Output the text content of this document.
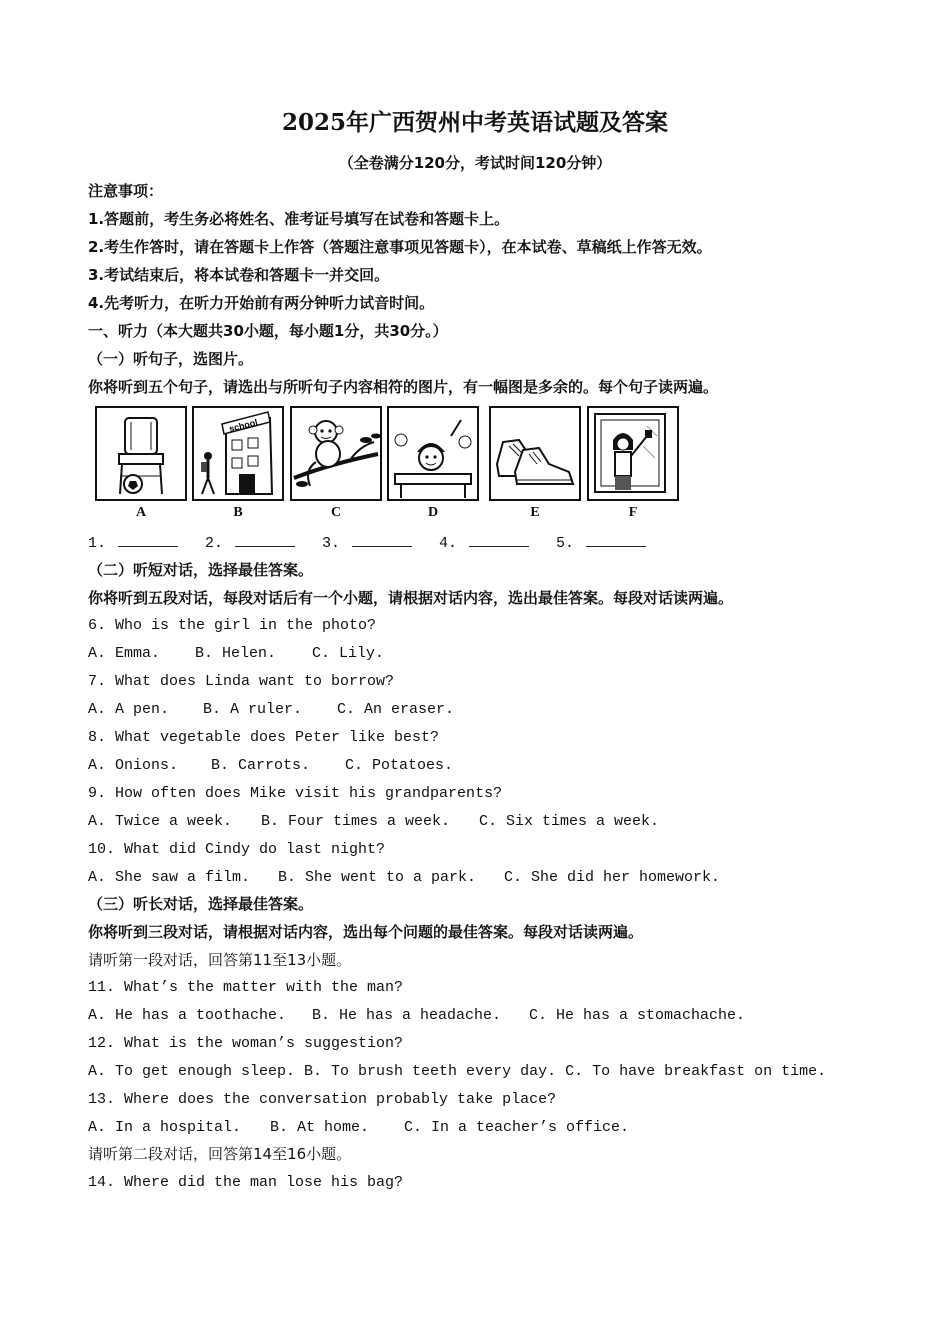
2025年广西贺州中考英语试题及答案
（全卷满分120分，考试时间120分钟）
注意事项：
1.答题前，考生务必将姓名、准考证号填写在试卷和答题卡上。
2.考生作答时，请在答题卡上作答（答题注意事项见答题卡），在本试卷、草稿纸上作答无效。
3.考试结束后，将本试卷和答题卡一并交回。
4.先考听力，在听力开始前有两分钟听力试音时间。
一、听力（本大题共30小题，每小题1分，共30分。）
（一）听句子，选图片。
你将听到五个句子，请选出与所听句子内容相符的图片，有一幅图是多余的。每个句子读两遍。
A
school
B	C	D	E	F
1.	2.	3.	4.	5.
（二）听短对话，选择最佳答案。
你将听到五段对话，每段对话后有一个小题，请根据对话内容，选出最佳答案。每段对话读两遍。
6. Who is the girl in the photo?
A. Emma. B. Helen. C. Lily.
7. What does Linda want to borrow?
A. A pen. B. A ruler. C. An eraser.
8. What vegetable does Peter like best?
A. Onions. B. Carrots. C. Potatoes.
9. How often does Mike visit his grandparents?
A. Twice a week. B. Four times a week. C. Six times a week.
10. What did Cindy do last night?
A. She saw a film. B. She went to a park. C. She did her homework.
（三）听长对话，选择最佳答案。
你将听到三段对话，请根据对话内容，选出每个问题的最佳答案。每段对话读两遍。
请听第一段对话，回答第11至13小题。
11. What’s the matter with the man?
A. He has a toothache. B. He has a headache. C. He has a stomachache.
12. What is the woman’s suggestion?
A. To get enough sleep. B. To brush teeth every day. C. To have breakfast on time.
13. Where does the conversation probably take place?
A. In a hospital. B. At home. C. In a teacher’s office.
请听第二段对话，回答第14至16小题。
14. Where did the man lose his bag?
